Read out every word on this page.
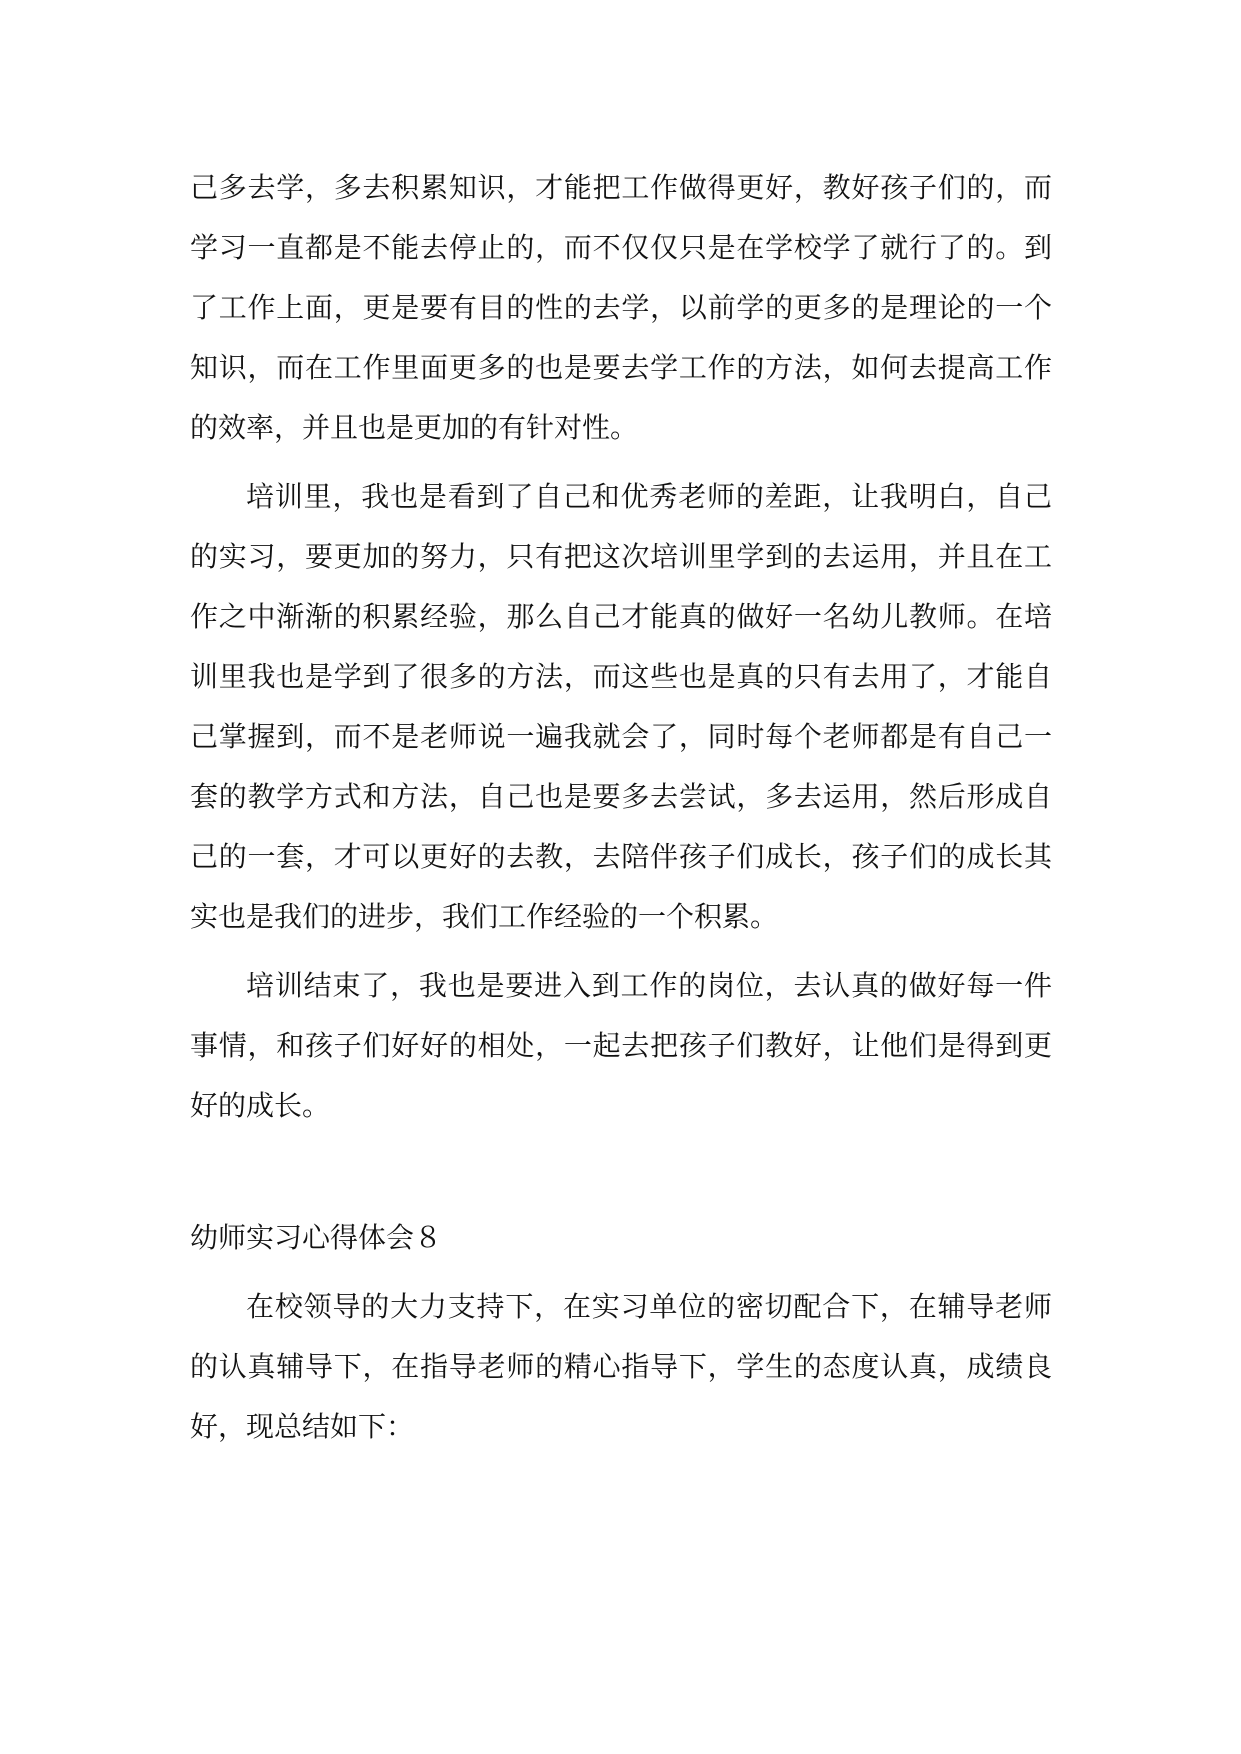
己多去学，多去积累知识，才能把工作做得更好，教好孩子们的，而学习一直都是不能去停止的，而不仅仅只是在学校学了就行了的。到了工作上面，更是要有目的性的去学，以前学的更多的是理论的一个知识，而在工作里面更多的也是要去学工作的方法，如何去提高工作的效率，并且也是更加的有针对性。

培训里，我也是看到了自己和优秀老师的差距，让我明白，自己的实习，要更加的努力，只有把这次培训里学到的去运用，并且在工作之中渐渐的积累经验，那么自己才能真的做好一名幼儿教师。在培训里我也是学到了很多的方法，而这些也是真的只有去用了，才能自己掌握到，而不是老师说一遍我就会了，同时每个老师都是有自己一套的教学方式和方法，自己也是要多去尝试，多去运用，然后形成自己的一套，才可以更好的去教，去陪伴孩子们成长，孩子们的成长其实也是我们的进步，我们工作经验的一个积累。

培训结束了，我也是要进入到工作的岗位，去认真的做好每一件事情，和孩子们好好的相处，一起去把孩子们教好，让他们是得到更好的成长。

幼师实习心得体会８

在校领导的大力支持下，在实习单位的密切配合下，在辅导老师的认真辅导下，在指导老师的精心指导下，学生的态度认真，成绩良好，现总结如下：
